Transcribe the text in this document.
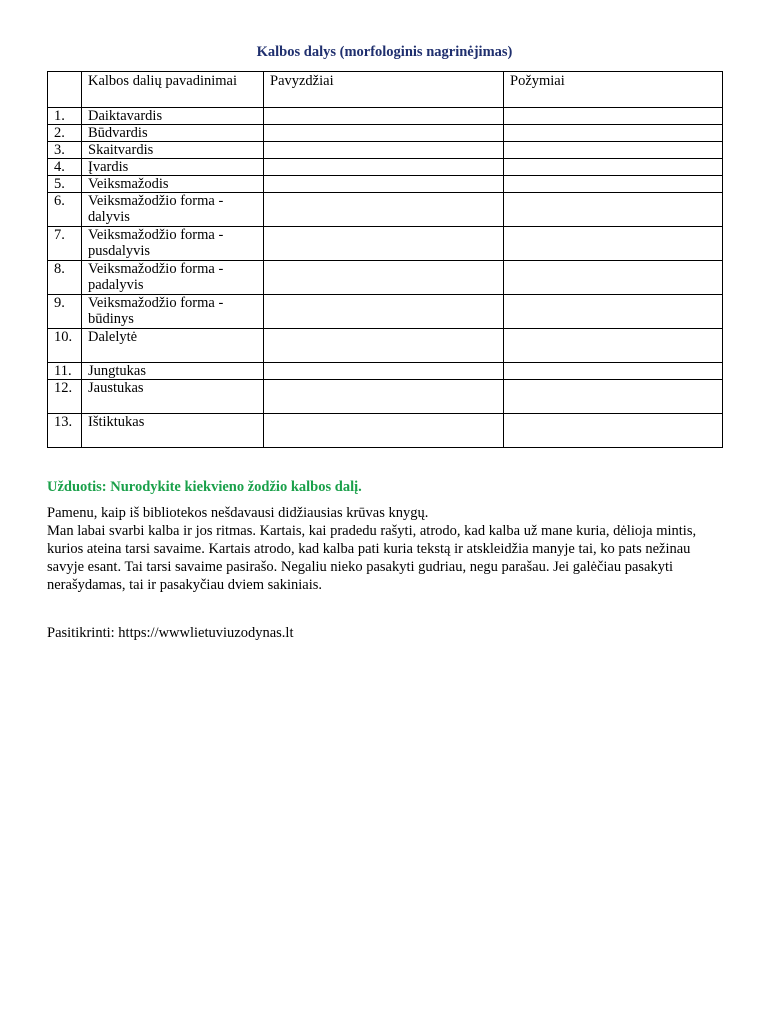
Kalbos dalys (morfologinis nagrinėjimas)
	Kalbos dalių pavadinimai	Pavyzdžiai	Požymiai
1.	Daiktavardis		
2.	Būdvardis		
3.	Skaitvardis		
4.	Įvardis		
5.	Veiksmažodis		
6.	Veiksmažodžio forma - dalyvis		
7.	Veiksmažodžio forma - pusdalyvis		
8.	Veiksmažodžio forma - padalyvis		
9.	Veiksmažodžio forma - būdinys		
10.	Dalelytė		
11.	Jungtukas		
12.	Jaustukas		
13.	Ištiktukas		
Užduotis: Nurodykite kiekvieno žodžio kalbos dalį.

Pamenu, kaip iš bibliotekos nešdavausi didžiausias krūvas knygų.

Man labai svarbi kalba ir jos ritmas. Kartais, kai pradedu rašyti, atrodo, kad kalba už mane kuria, dėlioja mintis, kurios ateina tarsi savaime. Kartais atrodo, kad kalba pati kuria tekstą ir atskleidžia manyje tai, ko pats nežinau savyje esant. Tai tarsi savaime pasirašo. Negaliu nieko pasakyti gudriau, negu parašau. Jei galėčiau pasakyti nerašydamas, tai ir pasakyčiau dviem sakiniais.

Pasitikrinti: https://wwwlietuviuzodynas.lt
